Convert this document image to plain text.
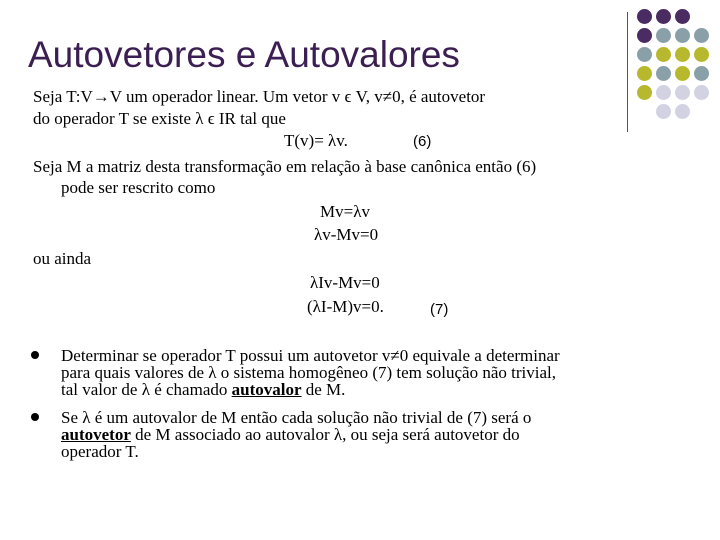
Autovetores e Autovalores
Seja T:V→V um operador linear. Um vetor v ϵ V, v≠0, é autovetor
do operador T se existe λ ϵ IR tal que
T(v)= λv.	(6)
Seja M a matriz desta transformação em relação à base canônica então (6)
pode ser rescrito como
Mv=λv
λv-Mv=0
ou ainda
λIv-Mv=0
(λI-M)v=0.	(7)
Determinar se operador T possui um autovetor v≠0 equivale a determinar
para quais valores de λ o sistema homogêneo (7) tem solução não trivial,
tal valor de λ é chamado autovalor de M.
Se λ é um autovalor de M então cada solução não trivial de (7) será o
autovetor de M associado ao autovalor λ, ou seja será autovetor do
operador T.
